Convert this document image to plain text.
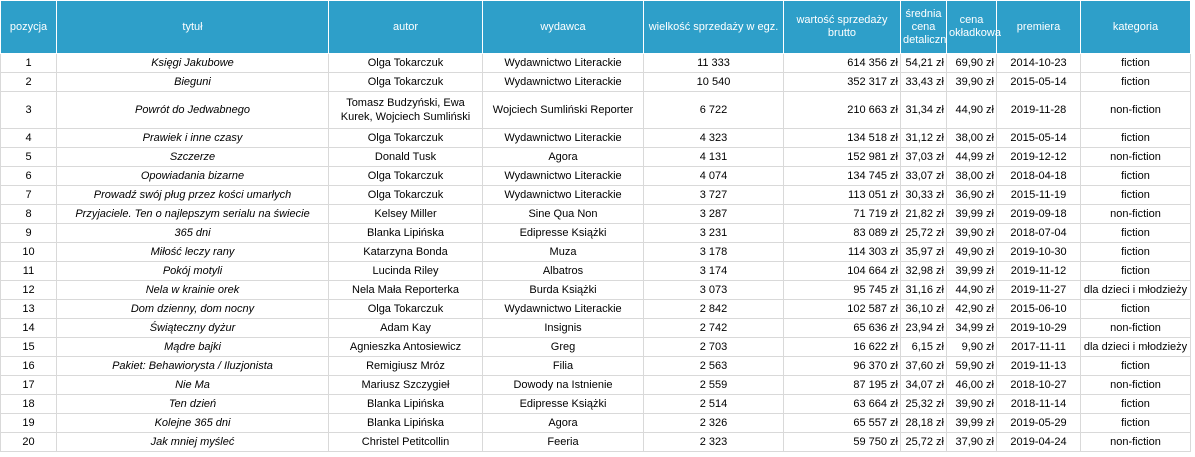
pozycja	tytuł	autor	wydawca	wielkość sprzedaży w egz.	wartość sprzedaży brutto	średnia cena detaliczn	cena okładkowa	premiera	kategoria
1	Księgi Jakubowe	Olga Tokarczuk	Wydawnictwo Literackie	11 333	614 356 zł	54,21 zł	69,90 zł	2014-10-23	fiction
2	Bieguni	Olga Tokarczuk	Wydawnictwo Literackie	10 540	352 317 zł	33,43 zł	39,90 zł	2015-05-14	fiction
3	Powrót do Jedwabnego	Tomasz Budzyński, Ewa Kurek, Wojciech Sumliński	Wojciech Sumliński Reporter	6 722	210 663 zł	31,34 zł	44,90 zł	2019-11-28	non-fiction
4	Prawiek i inne czasy	Olga Tokarczuk	Wydawnictwo Literackie	4 323	134 518 zł	31,12 zł	38,00 zł	2015-05-14	fiction
5	Szczerze	Donald Tusk	Agora	4 131	152 981 zł	37,03 zł	44,99 zł	2019-12-12	non-fiction
6	Opowiadania bizarne	Olga Tokarczuk	Wydawnictwo Literackie	4 074	134 745 zł	33,07 zł	38,00 zł	2018-04-18	fiction
7	Prowadź swój pług przez kości umarłych	Olga Tokarczuk	Wydawnictwo Literackie	3 727	113 051 zł	30,33 zł	36,90 zł	2015-11-19	fiction
8	Przyjaciele. Ten o najlepszym serialu na świecie	Kelsey Miller	Sine Qua Non	3 287	71 719 zł	21,82 zł	39,99 zł	2019-09-18	non-fiction
9	365 dni	Blanka Lipińska	Edipresse Książki	3 231	83 089 zł	25,72 zł	39,90 zł	2018-07-04	fiction
10	Miłość leczy rany	Katarzyna Bonda	Muza	3 178	114 303 zł	35,97 zł	49,90 zł	2019-10-30	fiction
11	Pokój motyli	Lucinda Riley	Albatros	3 174	104 664 zł	32,98 zł	39,99 zł	2019-11-12	fiction
12	Nela w krainie orek	Nela Mała Reporterka	Burda Książki	3 073	95 745 zł	31,16 zł	44,90 zł	2019-11-27	dla dzieci i młodzieży
13	Dom dzienny, dom nocny	Olga Tokarczuk	Wydawnictwo Literackie	2 842	102 587 zł	36,10 zł	42,90 zł	2015-06-10	fiction
14	Świąteczny dyżur	Adam Kay	Insignis	2 742	65 636 zł	23,94 zł	34,99 zł	2019-10-29	non-fiction
15	Mądre bajki	Agnieszka Antosiewicz	Greg	2 703	16 622 zł	6,15 zł	9,90 zł	2017-11-11	dla dzieci i młodzieży
16	Pakiet: Behawiorysta / Iluzjonista	Remigiusz Mróz	Filia	2 563	96 370 zł	37,60 zł	59,90 zł	2019-11-13	fiction
17	Nie Ma	Mariusz Szczygieł	Dowody na Istnienie	2 559	87 195 zł	34,07 zł	46,00 zł	2018-10-27	non-fiction
18	Ten dzień	Blanka Lipińska	Edipresse Książki	2 514	63 664 zł	25,32 zł	39,90 zł	2018-11-14	fiction
19	Kolejne 365 dni	Blanka Lipińska	Agora	2 326	65 557 zł	28,18 zł	39,99 zł	2019-05-29	fiction
20	Jak mniej myśleć	Christel Petitcollin	Feeria	2 323	59 750 zł	25,72 zł	37,90 zł	2019-04-24	non-fiction
